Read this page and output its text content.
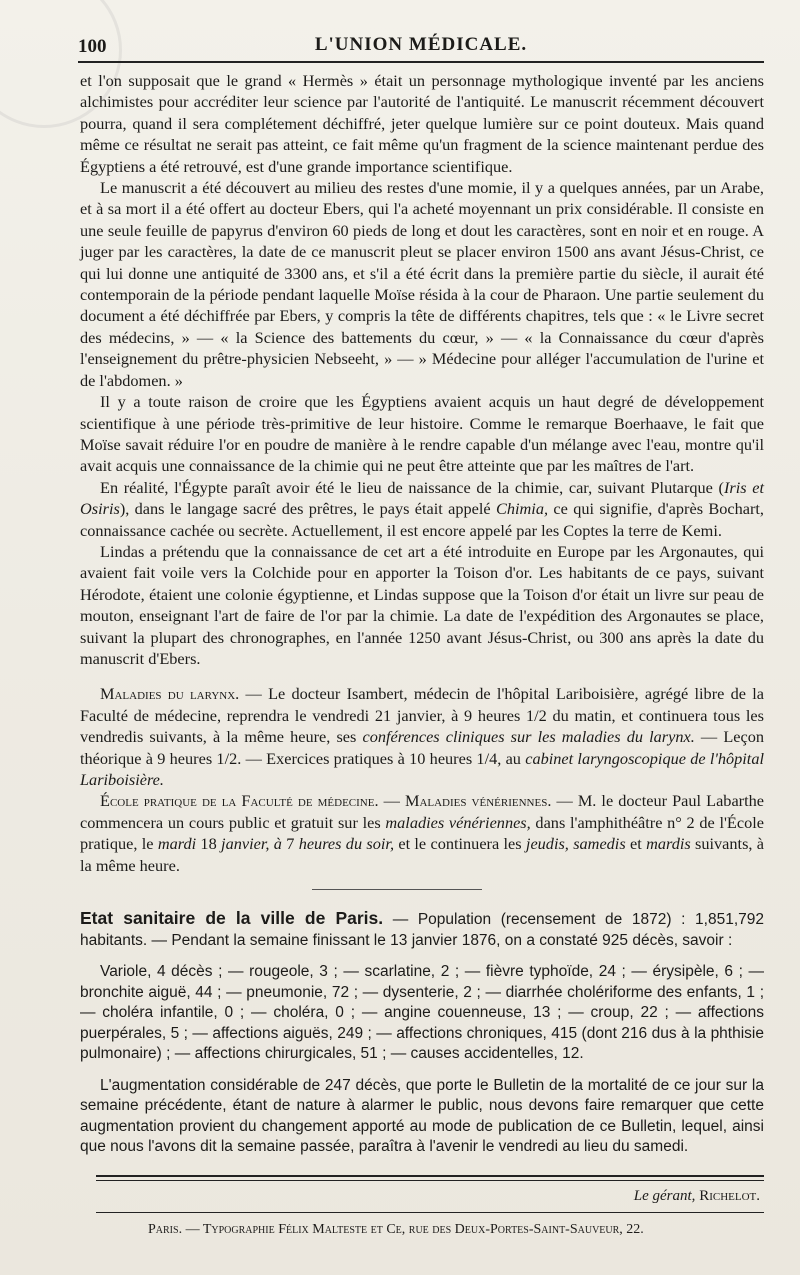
100	L'UNION MÉDICALE.

et l'on supposait que le grand « Hermès » était un personnage mythologique inventé par les anciens alchimistes pour accréditer leur science par l'autorité de l'antiquité. Le manuscrit récemment découvert pourra, quand il sera complétement déchiffré, jeter quelque lumière sur ce point douteux. Mais quand même ce résultat ne serait pas atteint, ce fait même qu'un fragment de la science maintenant perdue des Égyptiens a été retrouvé, est d'une grande importance scientifique.

Le manuscrit a été découvert au milieu des restes d'une momie, il y a quelques années, par un Arabe, et à sa mort il a été offert au docteur Ebers, qui l'a acheté moyennant un prix considérable. Il consiste en une seule feuille de papyrus d'environ 60 pieds de long et dout les caractères, sont en noir et en rouge. A juger par les caractères, la date de ce manuscrit pleut se placer environ 1500 ans avant Jésus-Christ, ce qui lui donne une antiquité de 3300 ans, et s'il a été écrit dans la première partie du siècle, il aurait été contemporain de la période pendant laquelle Moïse résida à la cour de Pharaon. Une partie seulement du document a été déchiffrée par Ebers, y compris la tête de différents chapitres, tels que : « le Livre secret des médecins, » — « la Science des battements du cœur, » — « la Connaissance du cœur d'après l'enseignement du prêtre-physicien Nebseeht, » — » Médecine pour alléger l'accumulation de l'urine et de l'abdomen. »

Il y a toute raison de croire que les Égyptiens avaient acquis un haut degré de développement scientifique à une période très-primitive de leur histoire. Comme le remarque Boerhaave, le fait que Moïse savait réduire l'or en poudre de manière à le rendre capable d'un mélange avec l'eau, montre qu'il avait acquis une connaissance de la chimie qui ne peut être atteinte que par les maîtres de l'art.

En réalité, l'Égypte paraît avoir été le lieu de naissance de la chimie, car, suivant Plutarque (Iris et Osiris), dans le langage sacré des prêtres, le pays était appelé Chimia, ce qui signifie, d'après Bochart, connaissance cachée ou secrète. Actuellement, il est encore appelé par les Coptes la terre de Kemi.

Lindas a prétendu que la connaissance de cet art a été introduite en Europe par les Argonautes, qui avaient fait voile vers la Colchide pour en apporter la Toison d'or. Les habitants de ce pays, suivant Hérodote, étaient une colonie égyptienne, et Lindas suppose que la Toison d'or était un livre sur peau de mouton, enseignant l'art de faire de l'or par la chimie. La date de l'expédition des Argonautes se place, suivant la plupart des chronographes, en l'année 1250 avant Jésus-Christ, ou 300 ans après la date du manuscrit d'Ebers.

Maladies du larynx. — Le docteur Isambert, médecin de l'hôpital Lariboisière, agrégé libre de la Faculté de médecine, reprendra le vendredi 21 janvier, à 9 heures 1/2 du matin, et continuera tous les vendredis suivants, à la même heure, ses conférences cliniques sur les maladies du larynx. — Leçon théorique à 9 heures 1/2. — Exercices pratiques à 10 heures 1/4, au cabinet laryngoscopique de l'hôpital Lariboisière.

École pratique de la Faculté de médecine. — Maladies vénériennes. — M. le docteur Paul Labarthe commencera un cours public et gratuit sur les maladies vénériennes, dans l'amphithéâtre n° 2 de l'École pratique, le mardi 18 janvier, à 7 heures du soir, et le continuera les jeudis, samedis et mardis suivants, à la même heure.

Etat sanitaire de la ville de Paris. — Population (recensement de 1872) : 1,851,792 habitants. — Pendant la semaine finissant le 13 janvier 1876, on a constaté 925 décès, savoir :

Variole, 4 décès ; — rougeole, 3 ; — scarlatine, 2 ; — fièvre typhoïde, 24 ; — érysipèle, 6 ; — bronchite aiguë, 44 ; — pneumonie, 72 ; — dysenterie, 2 ; — diarrhée cholériforme des enfants, 1 ; — choléra infantile, 0 ; — choléra, 0 ; — angine couenneuse, 13 ; — croup, 22 ; — affections puerpérales, 5 ; — affections aiguës, 249 ; — affections chroniques, 415 (dont 216 dus à la phthisie pulmonaire) ; — affections chirurgicales, 51 ; — causes accidentelles, 12.

L'augmentation considérable de 247 décès, que porte le Bulletin de la mortalité de ce jour sur la semaine précédente, étant de nature à alarmer le public, nous devons faire remarquer que cette augmentation provient du changement apporté au mode de publication de ce Bulletin, lequel, ainsi que nous l'avons dit la semaine passée, paraîtra à l'avenir le vendredi au lieu du samedi.

Le gérant, Richelot.
Paris. — Typographie Félix Malteste et Ce, rue des Deux-Portes-Saint-Sauveur, 22.
